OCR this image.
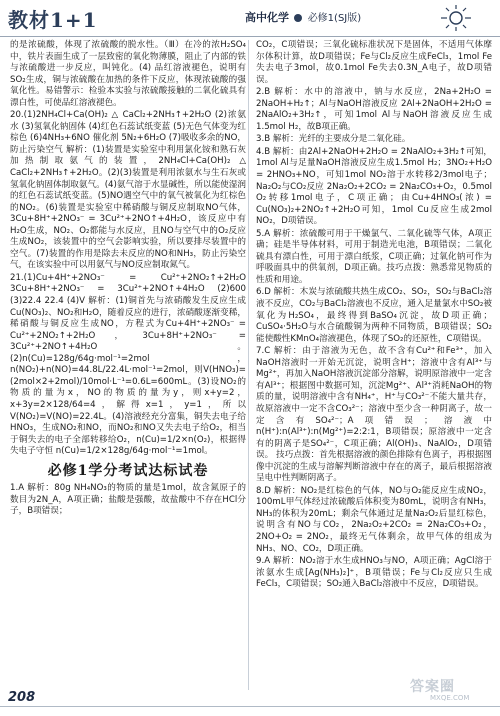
教材1+1	高中化学 必修1(SJ版)

的是浓硫酸，体现了浓硫酸的脱水性。（Ⅲ）在冷的浓H₂SO₄中，铁片表面生成了一层致密的氧化物薄膜，阻止了内部的铁与浓硫酸进一步反应，叫钝化。(4) 品红溶液褪色，说明有SO₂生成，铜与浓硫酸在加热的条件下反应，体现浓硫酸的强氧化性。易错警示：检验本实验与浓硫酸接触的二氧化硫具有漂白性，可使品红溶液褪色。

20.(1)2NH₄Cl+Ca(OH)₂ △ CaCl₂+2NH₃↑+2H₂O (2)浓氨水 (3)氢氧化钠固体 (4)红色石蕊试纸变蓝 (5)无色气体变为红棕色 (6)4NH₃+6NO 催化剂 5N₂+6H₂O (7)吸收多余的NO，防止污染空气 解析：(1)装置是实验室中利用氯化铵和熟石灰加热制取氨气的装置，2NH₄Cl+Ca(OH)₂ △ CaCl₂+2NH₃↑+2H₂O。(2)(3)装置是利用浓氨水与生石灰或氢氧化钠固体制取氨气。(4)氨气溶于水显碱性，所以能使湿润的红色石蕊试纸变蓝。(5)NO遇空气中的氧气被氧化为红棕色的NO₂。(6)装置是实验室中稀硝酸与铜反应制取NO气体，3Cu+8H⁺+2NO₃⁻ = 3Cu²⁺+2NO↑+4H₂O，该反应中有H₂O生成，NO₂、O₂都能与水反应，且NO与空气中的O₂反应生成NO₂，该装置中的空气会影响实验，所以要排尽装置中的空气。(7)装置的作用是除去未反应的NO和NH₃，防止污染空气，在该实验中可以用氨气与NO反应制取氮气。

21.(1)Cu+4H⁺+2NO₃⁻ = Cu²⁺+2NO₂↑+2H₂O 3Cu+8H⁺+2NO₃⁻ = 3Cu²⁺+2NO↑+4H₂O (2)600 (3)22.4 22.4 (4)V 解析：(1)铜首先与浓硝酸发生反应生成Cu(NO₃)₂、NO₂和H₂O，随着反应的进行，浓硝酸逐渐变稀，稀硝酸与铜反应生成NO，方程式为Cu+4H⁺+2NO₃⁻ = Cu²⁺+2NO₂↑+2H₂O，3Cu+8H⁺+2NO₃⁻ = 3Cu²⁺+2NO↑+4H₂O。(2)n(Cu)=128g/64g·mol⁻¹=2mol，n(NO₂)+n(NO)=44.8L/22.4L·mol⁻¹=2mol，则V(HNO₃)=(2mol×2+2mol)/10mol·L⁻¹=0.6L=600mL。(3)设NO₂的物质的量为x，NO的物质的量为y，则x+y=2，x+3y=2×128/64=4，解得x=1，y=1，所以V(NO₂)=V(NO)=22.4L。(4)溶液经充分富集，铜失去电子给HNO₃，生成NO₂和NO，而NO₂和NO又失去电子给O₂，相当于铜失去的电子全部转移给O₂，n(Cu)=1/2×n(O₂)，根据得失电子守恒 n(Cu)=1/2×128g/64g·mol⁻¹=1mol。

必修1学分考试达标试卷

1.A 解析：80g NH₄NO₃的物质的量是1mol，故含氮原子的数目为2N_A，A项正确；盐酸是强酸，故盐酸中不存在HCl分子，B项错误；

CO₂，C项错误；三氧化硫标准状况下是固体，不适用气体摩尔体积计算，故D项错误；Fe与Cl₂反应生成FeCl₃，1mol Fe失去电子3mol，故0.1mol Fe失去0.3N_A电子，故D项错误。

2.B 解析：水中的溶液中，钠与水反应，2Na+2H₂O = 2NaOH+H₂↑；Al与NaOH溶液反应 2Al+2NaOH+2H₂O = 2NaAlO₂+3H₂↑，可知1mol Al与NaOH溶液反应生成1.5mol H₂，故B项正确。

3.B 解析：光纤的主要成分是二氧化硅。

4.B 解析：由2Al+2NaOH+2H₂O = 2NaAlO₂+3H₂↑可知，1mol Al与足量NaOH溶液反应生成1.5mol H₂；3NO₂+H₂O = 2HNO₃+NO，可知1mol NO₂溶于水转移2/3mol电子；Na₂O₂与CO₂反应 2Na₂O₂+2CO₂ = 2Na₂CO₃+O₂，0.5mol O₂转移1mol电子，C项正确；由Cu+4HNO₃(浓) = Cu(NO₃)₂+2NO₂↑+2H₂O可知，1mol Cu反应生成2mol NO₂，D项错误。

5.A 解析：浓硫酸可用于干燥氯气、二氧化硫等气体，A项正确；硅是半导体材料，可用于制造光电池，B项错误；二氧化硫具有漂白性，可用于漂白纸浆，C项正确；过氧化钠可作为呼吸面具中的供氧剂，D项正确。技巧点拨：熟悉常见物质的性质和用途。

6.D 解析：木炭与浓硫酸共热生成CO₂、SO₂，SO₂与BaCl₂溶液不反应，CO₂与BaCl₂溶液也不反应，通入足量氯水中SO₂被氧化为H₂SO₄，最终得到BaSO₄沉淀，故D项正确；CuSO₄·5H₂O与水合硫酸铜为两种不同物质，B项错误；SO₂能使酸性KMnO₄溶液褪色，体现了SO₂的还原性，C项错误。

7.C 解析：由于溶液为无色，故不含有Cu²⁺和Fe³⁺，加入NaOH溶液时一开始无沉淀，说明含H⁺；溶液中含有Al³⁺与Mg²⁺，再加入NaOH溶液沉淀部分溶解，说明原溶液中一定含有Al³⁺；根据图中数据可知，沉淀Mg²⁺、Al³⁺消耗NaOH的物质的量，说明溶液中含有NH₄⁺，H⁺与CO₃²⁻不能大量共存，故原溶液中一定不含CO₃²⁻；溶液中至少含一种阴离子，故一定含有SO₄²⁻；A项错误；溶液中n(H⁺):n(Al³⁺):n(Mg²⁺)=2:2:1，B项错误；原溶液中一定含有的阴离子是SO₄²⁻，C项正确；Al(OH)₃、NaAlO₂，D项错误。 技巧点拨：首先根据溶液的颜色排除有色离子，再根据图像中沉淀的生成与溶解判断溶液中存在的离子，最后根据溶液呈电中性判断阴离子。

8.D 解析：NO₂是红棕色的气体，NO与O₂能反应生成NO₂，100mL甲气体经过浓硫酸后体积变为80mL，说明含有NH₃，NH₃的体积为20mL；剩余气体通过足量Na₂O₂后显红棕色，说明含有NO与CO₂，2Na₂O₂+2CO₂ = 2Na₂CO₃+O₂，2NO+O₂ = 2NO₂，最终无气体剩余，故甲气体的组成为NH₃、NO、CO₂，D项正确。

9.A 解析：NO₂溶于水生成HNO₃与NO，A项正确；AgCl溶于浓氨水生成[Ag(NH₃)₂]⁺，B项错误；Fe与Cl₂反应只生成FeCl₃，C项错误；SO₂通入BaCl₂溶液中不反应，D项错误。

208
答案圈
MXQE.COM
